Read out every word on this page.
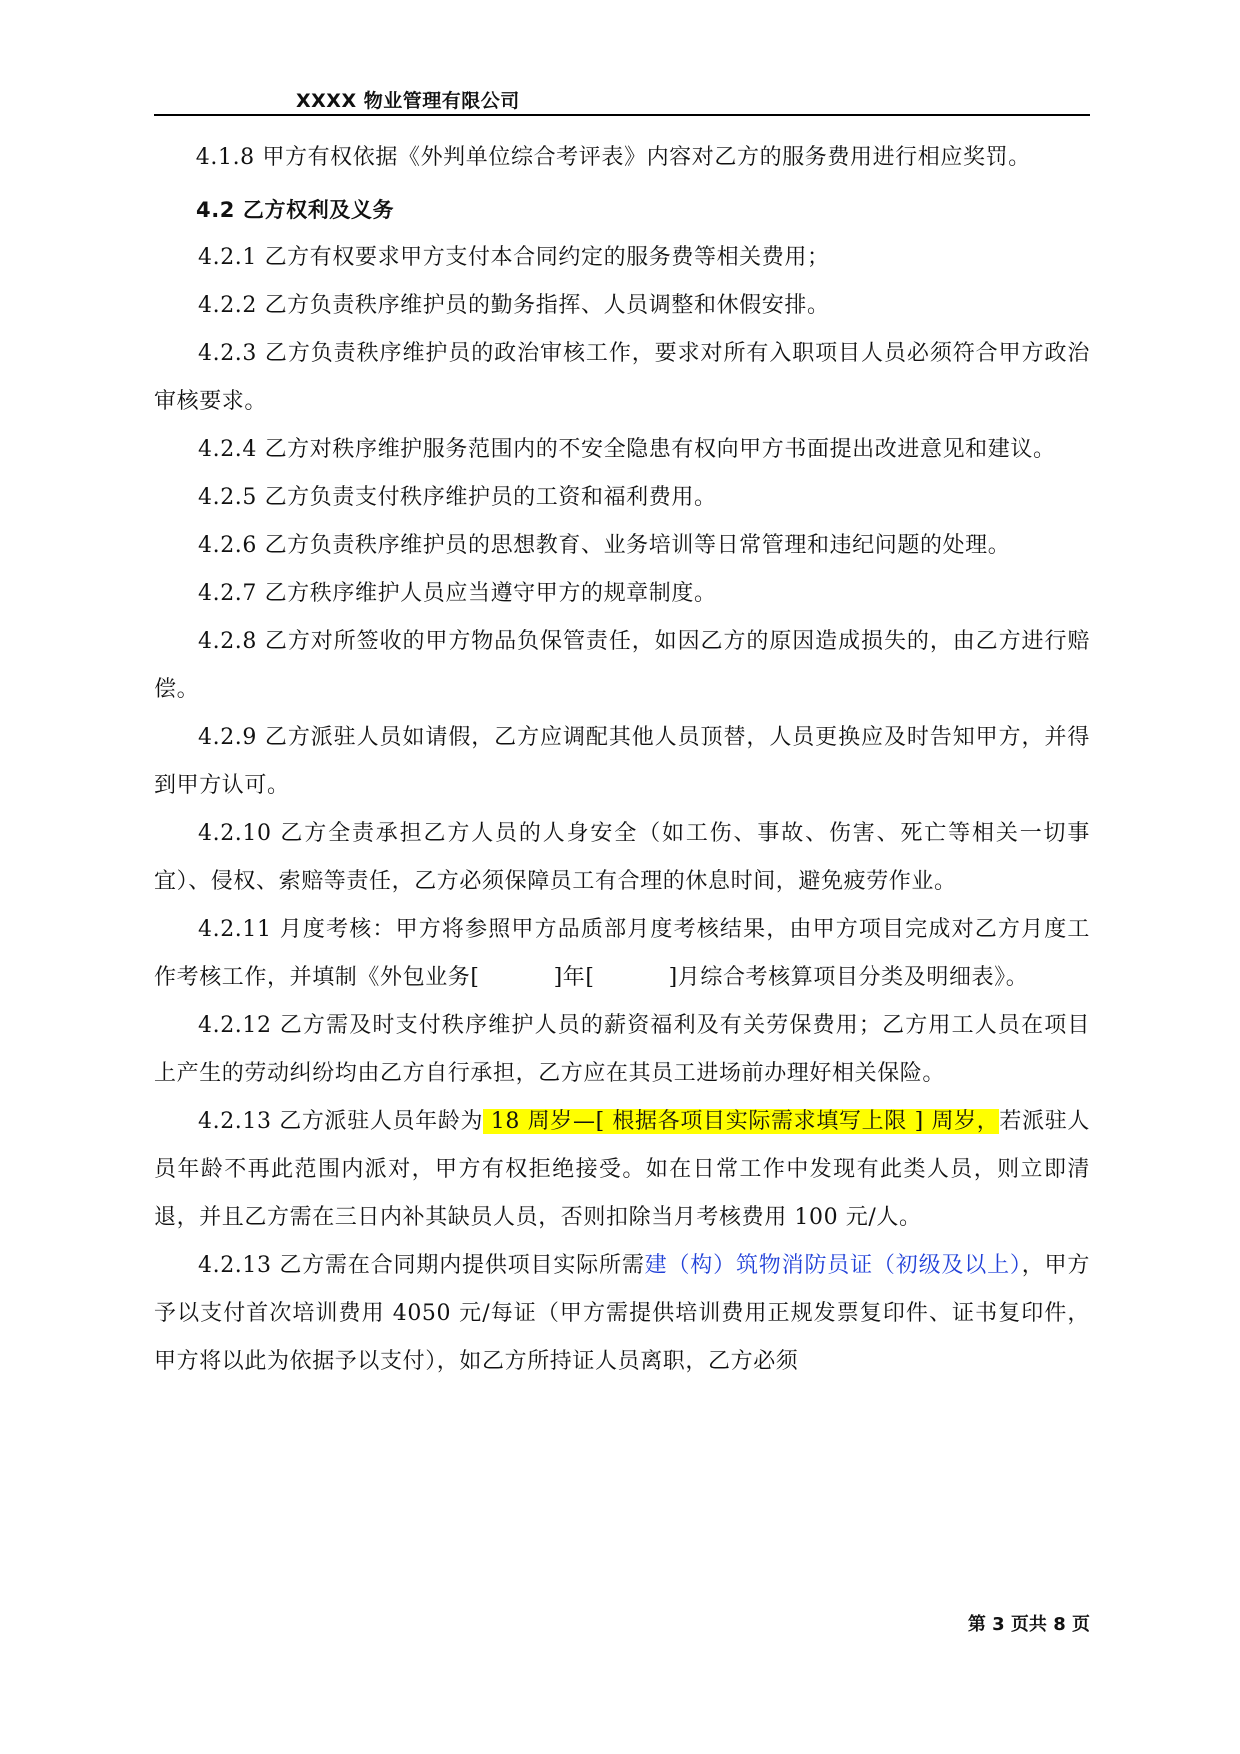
XXXX 物业管理有限公司

4.1.8 甲方有权依据《外判单位综合考评表》内容对乙方的服务费用进行相应奖罚。

4.2 乙方权利及义务

4.2.1 乙方有权要求甲方支付本合同约定的服务费等相关费用；

4.2.2 乙方负责秩序维护员的勤务指挥、人员调整和休假安排。

4.2.3 乙方负责秩序维护员的政治审核工作，要求对所有入职项目人员必须符合甲方政治审核要求。

4.2.4 乙方对秩序维护服务范围内的不安全隐患有权向甲方书面提出改进意见和建议。

4.2.5 乙方负责支付秩序维护员的工资和福利费用。

4.2.6 乙方负责秩序维护员的思想教育、业务培训等日常管理和违纪问题的处理。

4.2.7 乙方秩序维护人员应当遵守甲方的规章制度。

4.2.8 乙方对所签收的甲方物品负保管责任，如因乙方的原因造成损失的，由乙方进行赔偿。

4.2.9 乙方派驻人员如请假，乙方应调配其他人员顶替，人员更换应及时告知甲方，并得到甲方认可。

4.2.10 乙方全责承担乙方人员的人身安全（如工伤、事故、伤害、死亡等相关一切事宜）、侵权、索赔等责任，乙方必须保障员工有合理的休息时间，避免疲劳作业。

4.2.11 月度考核：甲方将参照甲方品质部月度考核结果，由甲方项目完成对乙方月度工作考核工作，并填制《外包业务[	]年[	]月综合考核算项目分类及明细表》。

4.2.12 乙方需及时支付秩序维护人员的薪资福利及有关劳保费用；乙方用工人员在项目上产生的劳动纠纷均由乙方自行承担，乙方应在其员工进场前办理好相关保险。

4.2.13 乙方派驻人员年龄为 18 周岁—[ 根据各项目实际需求填写上限 ] 周岁，若派驻人员年龄不再此范围内派对，甲方有权拒绝接受。如在日常工作中发现有此类人员，则立即清退，并且乙方需在三日内补其缺员人员，否则扣除当月考核费用 100 元/人。

4.2.13 乙方需在合同期内提供项目实际所需建（构）筑物消防员证（初级及以上），甲方予以支付首次培训费用 4050 元/每证（甲方需提供培训费用正规发票复印件、证书复印件，甲方将以此为依据予以支付），如乙方所持证人员离职，乙方必须

第 3 页共 8 页
